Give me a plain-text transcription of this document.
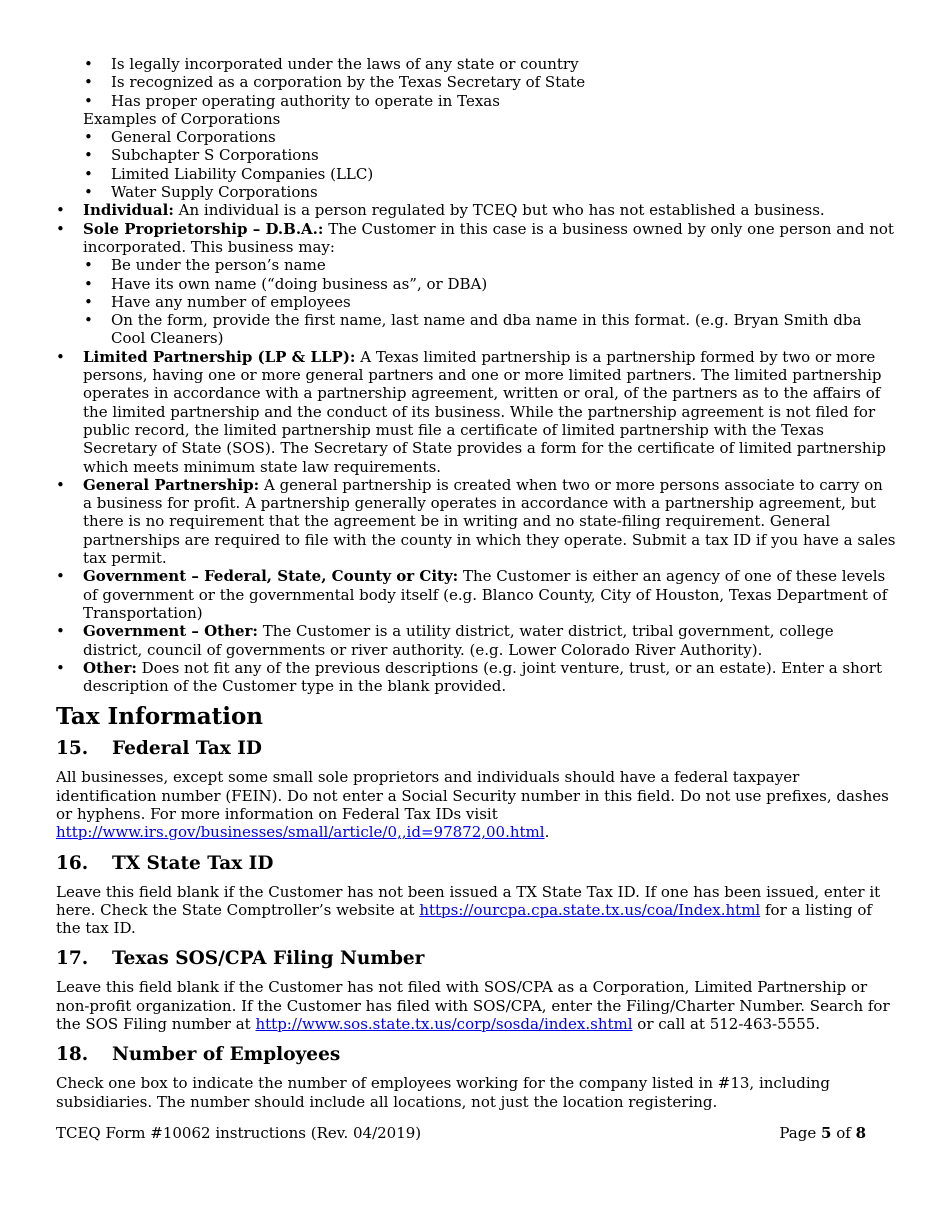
• Is legally incorporated under the laws of any state or country
• Is recognized as a corporation by the Texas Secretary of State
• Has proper operating authority to operate in Texas
Examples of Corporations
• General Corporations
• Subchapter S Corporations
• Limited Liability Companies (LLC)
• Water Supply Corporations
• Individual: An individual is a person regulated by TCEQ but who has not established a business.
• Sole Proprietorship – D.B.A.: The Customer in this case is a business owned by only one person and not incorporated. This business may:
• Be under the person’s name
• Have its own name (“doing business as”, or DBA)
• Have any number of employees
• On the form, provide the first name, last name and dba name in this format. (e.g. Bryan Smith dba Cool Cleaners)
• Limited Partnership (LP & LLP): A Texas limited partnership is a partnership formed by two or more persons, having one or more general partners and one or more limited partners. The limited partnership operates in accordance with a partnership agreement, written or oral, of the partners as to the affairs of the limited partnership and the conduct of its business. While the partnership agreement is not filed for public record, the limited partnership must file a certificate of limited partnership with the Texas Secretary of State (SOS). The Secretary of State provides a form for the certificate of limited partnership which meets minimum state law requirements.
• General Partnership: A general partnership is created when two or more persons associate to carry on a business for profit. A partnership generally operates in accordance with a partnership agreement, but there is no requirement that the agreement be in writing and no state-filing requirement. General partnerships are required to file with the county in which they operate. Submit a tax ID if you have a sales tax permit.
• Government – Federal, State, County or City: The Customer is either an agency of one of these levels of government or the governmental body itself (e.g. Blanco County, City of Houston, Texas Department of Transportation)
• Government – Other: The Customer is a utility district, water district, tribal government, college district, council of governments or river authority. (e.g. Lower Colorado River Authority).
• Other: Does not fit any of the previous descriptions (e.g. joint venture, trust, or an estate). Enter a short description of the Customer type in the blank provided.
Tax Information
15. Federal Tax ID
All businesses, except some small sole proprietors and individuals should have a federal taxpayer identification number (FEIN). Do not enter a Social Security number in this field. Do not use prefixes, dashes or hyphens. For more information on Federal Tax IDs visit
http://www.irs.gov/businesses/small/article/0,,id=97872,00.html.
16. TX State Tax ID
Leave this field blank if the Customer has not been issued a TX State Tax ID. If one has been issued, enter it here. Check the State Comptroller’s website at https://ourcpa.cpa.state.tx.us/coa/Index.html for a listing of the tax ID.
17. Texas SOS/CPA Filing Number
Leave this field blank if the Customer has not filed with SOS/CPA as a Corporation, Limited Partnership or non-profit organization. If the Customer has filed with SOS/CPA, enter the Filing/Charter Number. Search for the SOS Filing number at http://www.sos.state.tx.us/corp/sosda/index.shtml or call at 512-463-5555.
18. Number of Employees
Check one box to indicate the number of employees working for the company listed in #13, including subsidiaries. The number should include all locations, not just the location registering.
TCEQ Form #10062 instructions (Rev. 04/2019)	Page 5 of 8
